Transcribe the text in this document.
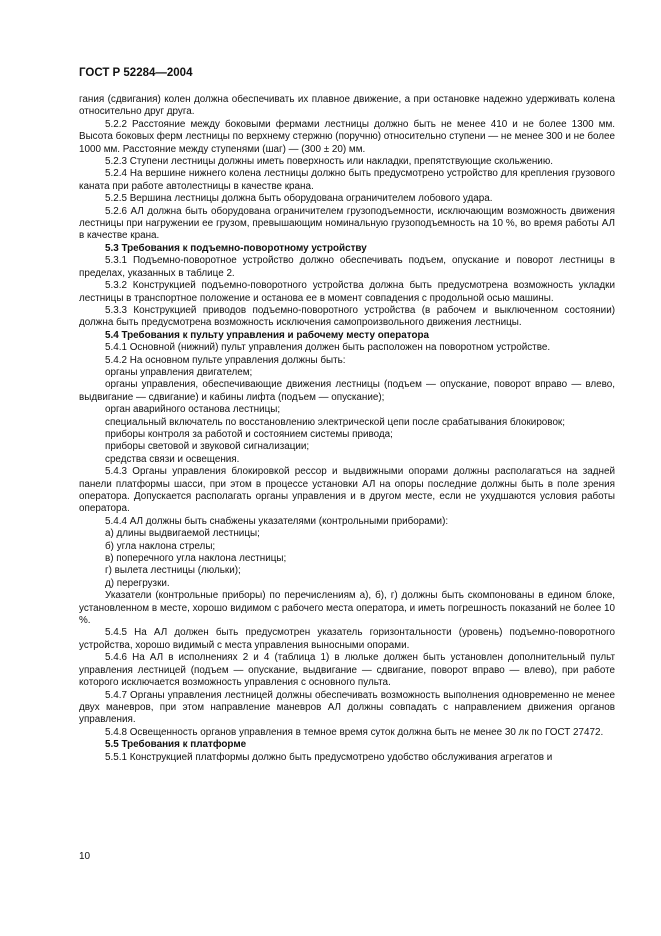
ГОСТ Р 52284—2004

гания (сдвигания) колен должна обеспечивать их плавное движение, а при остановке надежно удерживать колена относительно друг друга.

5.2.2 Расстояние между боковыми фермами лестницы должно быть не менее 410 и не более 1300 мм. Высота боковых ферм лестницы по верхнему стержню (поручню) относительно ступени — не менее 300 и не более 1000 мм. Расстояние между ступенями (шаг) — (300 ± 20) мм.

5.2.3 Ступени лестницы должны иметь поверхность или накладки, препятствующие скольжению.

5.2.4 На вершине нижнего колена лестницы должно быть предусмотрено устройство для крепления грузового каната при работе автолестницы в качестве крана.

5.2.5 Вершина лестницы должна быть оборудована ограничителем лобового удара.

5.2.6 АЛ должна быть оборудована ограничителем грузоподъемности, исключающим возможность движения лестницы при нагружении ее грузом, превышающим номинальную грузоподъемность на 10 %, во время работы АЛ в качестве крана.

5.3 Требования к подъемно-поворотному устройству

5.3.1 Подъемно-поворотное устройство должно обеспечивать подъем, опускание и поворот лестницы в пределах, указанных в таблице 2.

5.3.2 Конструкцией подъемно-поворотного устройства должна быть предусмотрена возможность укладки лестницы в транспортное положение и останова ее в момент совпадения с продольной осью машины.

5.3.3 Конструкцией приводов подъемно-поворотного устройства (в рабочем и выключенном состоянии) должна быть предусмотрена возможность исключения самопроизвольного движения лестницы.

5.4 Требования к пульту управления и рабочему месту оператора

5.4.1 Основной (нижний) пульт управления должен быть расположен на поворотном устройстве.

5.4.2 На основном пульте управления должны быть:

органы управления двигателем;

органы управления, обеспечивающие движения лестницы (подъем — опускание, поворот вправо — влево, выдвигание — сдвигание) и кабины лифта (подъем — опускание);

орган аварийного останова лестницы;

специальный включатель по восстановлению электрической цепи после срабатывания блокировок;

приборы контроля за работой и состоянием системы привода;

приборы световой и звуковой сигнализации;

средства связи и освещения.

5.4.3 Органы управления блокировкой рессор и выдвижными опорами должны располагаться на задней панели платформы шасси, при этом в процессе установки АЛ на опоры последние должны быть в поле зрения оператора. Допускается располагать органы управления и в другом месте, если не ухудшаются условия работы оператора.

5.4.4 АЛ должны быть снабжены указателями (контрольными приборами):

а) длины выдвигаемой лестницы;

б) угла наклона стрелы;

в) поперечного угла наклона лестницы;

г) вылета лестницы (люльки);

д) перегрузки.

Указатели (контрольные приборы) по перечислениям а), б), г) должны быть скомпонованы в едином блоке, установленном в месте, хорошо видимом с рабочего места оператора, и иметь погрешность показаний не более 10 %.

5.4.5 На АЛ должен быть предусмотрен указатель горизонтальности (уровень) подъемно-поворотного устройства, хорошо видимый с места управления выносными опорами.

5.4.6 На АЛ в исполнениях 2 и 4 (таблица 1) в люльке должен быть установлен дополнительный пульт управления лестницей (подъем — опускание, выдвигание — сдвигание, поворот вправо — влево), при работе которого исключается возможность управления с основного пульта.

5.4.7 Органы управления лестницей должны обеспечивать возможность выполнения одновременно не менее двух маневров, при этом направление маневров АЛ должны совпадать с направлением движения органов управления.

5.4.8 Освещенность органов управления в темное время суток должна быть не менее 30 лк по ГОСТ 27472.

5.5 Требования к платформе

5.5.1 Конструкцией платформы должно быть предусмотрено удобство обслуживания агрегатов и

10
